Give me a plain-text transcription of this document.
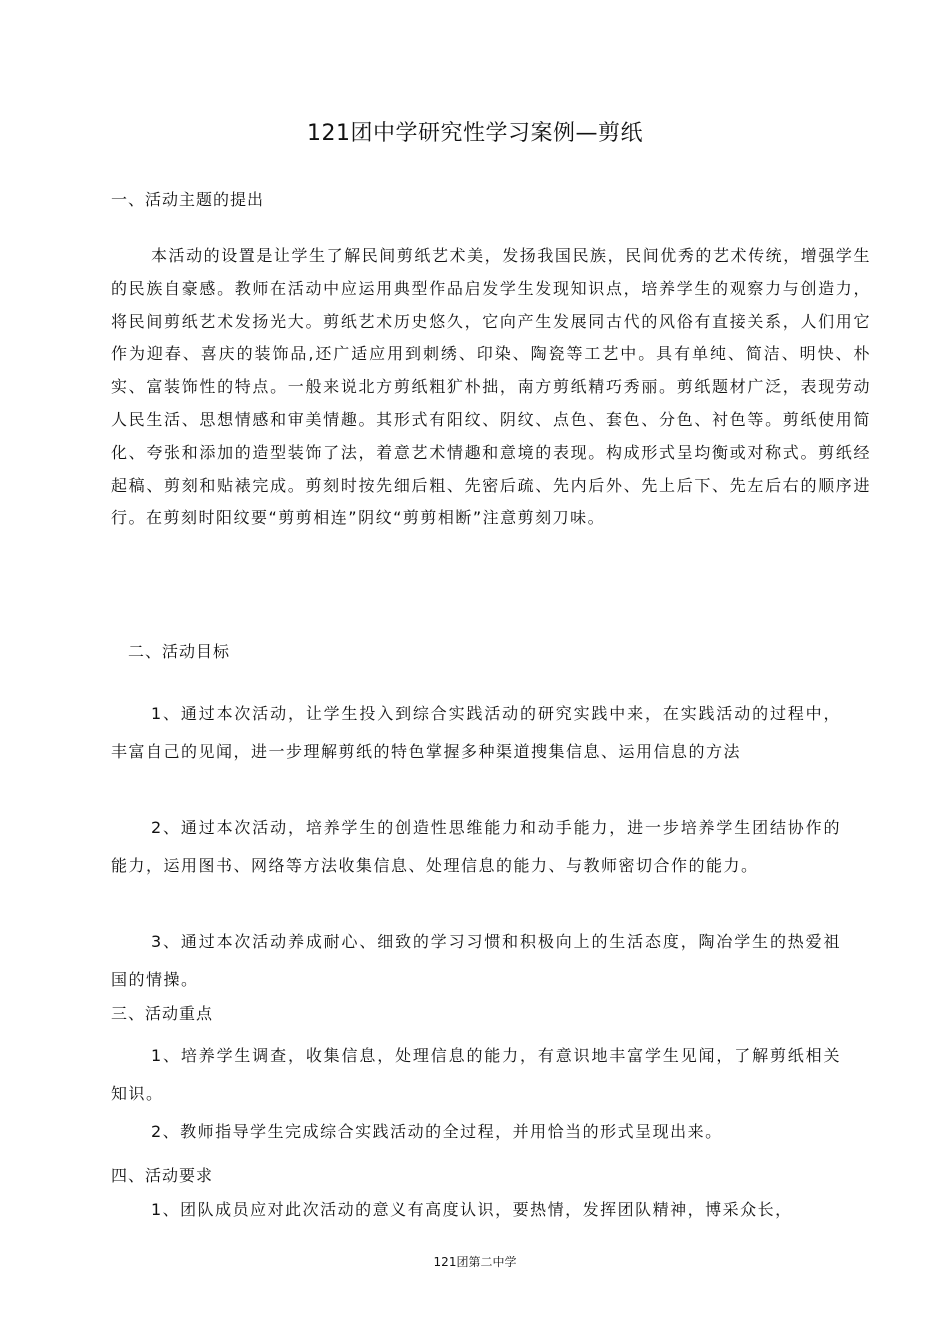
121团中学研究性学习案例—剪纸
一、活动主题的提出

本活动的设置是让学生了解民间剪纸艺术美，发扬我国民族，民间优秀的艺术传统，增强学生的民族自豪感。教师在活动中应运用典型作品启发学生发现知识点，培养学生的观察力与创造力，将民间剪纸艺术发扬光大。剪纸艺术历史悠久，它向产生发展同古代的风俗有直接关系，人们用它作为迎春、喜庆的装饰品,还广适应用到刺绣、印染、陶瓷等工艺中。具有单纯、简洁、明快、朴实、富装饰性的特点。一般来说北方剪纸粗犷朴拙，南方剪纸精巧秀丽。剪纸题材广泛，表现劳动人民生活、思想情感和审美情趣。其形式有阳纹、阴纹、点色、套色、分色、衬色等。剪纸使用简化、夸张和添加的造型装饰了法，着意艺术情趣和意境的表现。构成形式呈均衡或对称式。剪纸经起稿、剪刻和贴裱完成。剪刻时按先细后粗、先密后疏、先内后外、先上后下、先左后右的顺序进行。在剪刻时阳纹要“剪剪相连”阴纹“剪剪相断”注意剪刻刀味。

二、活动目标

1、通过本次活动，让学生投入到综合实践活动的研究实践中来，在实践活动的过程中，丰富自己的见闻，进一步理解剪纸的特色掌握多种渠道搜集信息、运用信息的方法

2、通过本次活动，培养学生的创造性思维能力和动手能力，进一步培养学生团结协作的能力，运用图书、网络等方法收集信息、处理信息的能力、与教师密切合作的能力。

3、通过本次活动养成耐心、细致的学习习惯和积极向上的生活态度，陶冶学生的热爱祖国的情操。

三、活动重点

1、培养学生调查，收集信息，处理信息的能力，有意识地丰富学生见闻，了解剪纸相关知识。

2、教师指导学生完成综合实践活动的全过程，并用恰当的形式呈现出来。

四、活动要求

1、团队成员应对此次活动的意义有高度认识，要热情，发挥团队精神，博采众长，

121团第二中学
